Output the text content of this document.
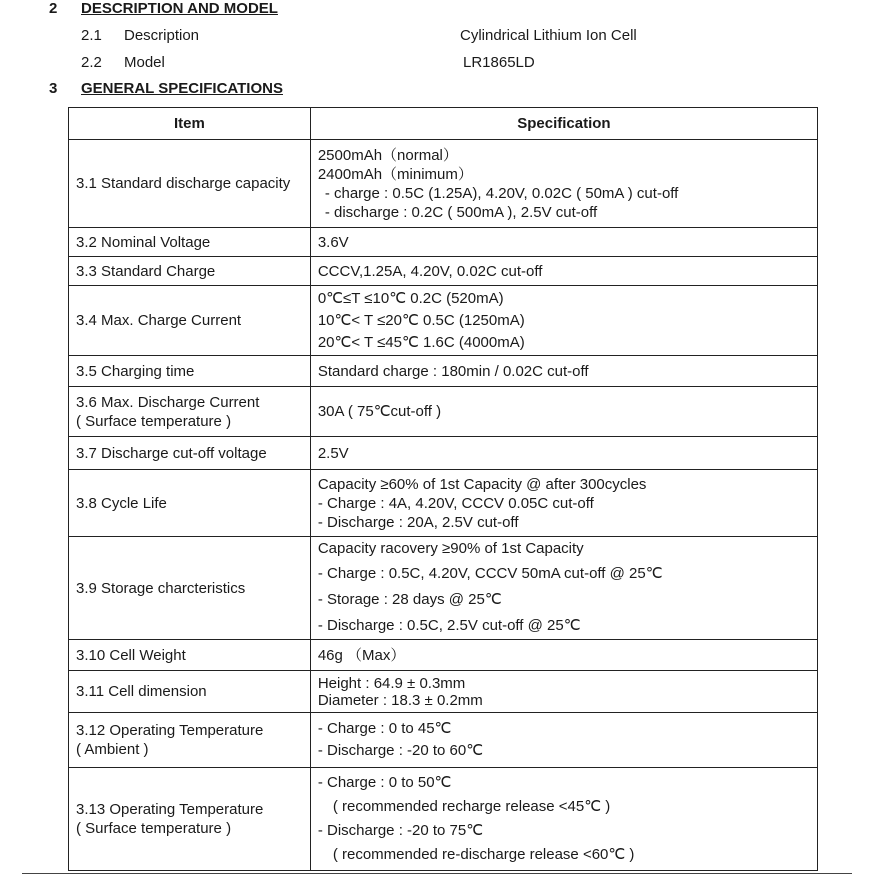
2 DESCRIPTION AND MODEL
2.1 Description	Cylindrical Lithium Ion Cell
2.2 Model	LR1865LD
3 GENERAL SPECIFICATIONS
Item	Specification

3.1 Standard discharge capacity	2500mAh（normal）
2400mAh（minimum）
- charge : 0.5C (1.25A), 4.20V, 0.02C ( 50mA ) cut-off
- discharge : 0.2C ( 500mA ), 2.5V cut-off

3.2 Nominal Voltage	3.6V

3.3 Standard Charge	CCCV,1.25A, 4.20V, 0.02C cut-off

3.4 Max. Charge Current	0℃≤T ≤10℃ 0.2C (520mA)
10℃< T ≤20℃ 0.5C (1250mA)
20℃< T ≤45℃ 1.6C (4000mA)

3.5 Charging time	Standard charge : 180min / 0.02C cut-off

3.6 Max. Discharge Current
( Surface temperature )	30A ( 75℃cut-off )

3.7 Discharge cut-off voltage	2.5V

3.8 Cycle Life	Capacity ≥60% of 1st Capacity @ after 300cycles
- Charge : 4A, 4.20V, CCCV 0.05C cut-off
- Discharge : 20A, 2.5V cut-off

3.9 Storage charcteristics	Capacity racovery ≥90% of 1st Capacity
- Charge : 0.5C, 4.20V, CCCV 50mA cut-off @ 25℃
- Storage : 28 days @ 25℃
- Discharge : 0.5C, 2.5V cut-off @ 25℃

3.10 Cell Weight	46g （Max）

3.11 Cell dimension	Height : 64.9 ± 0.3mm
Diameter : 18.3 ± 0.2mm

3.12 Operating Temperature
( Ambient )	- Charge : 0 to 45℃
- Discharge : -20 to 60℃

3.13 Operating Temperature
( Surface temperature )	- Charge : 0 to 50℃
( recommended recharge release <45℃ )
- Discharge : -20 to 75℃
( recommended re-discharge release <60℃ )
